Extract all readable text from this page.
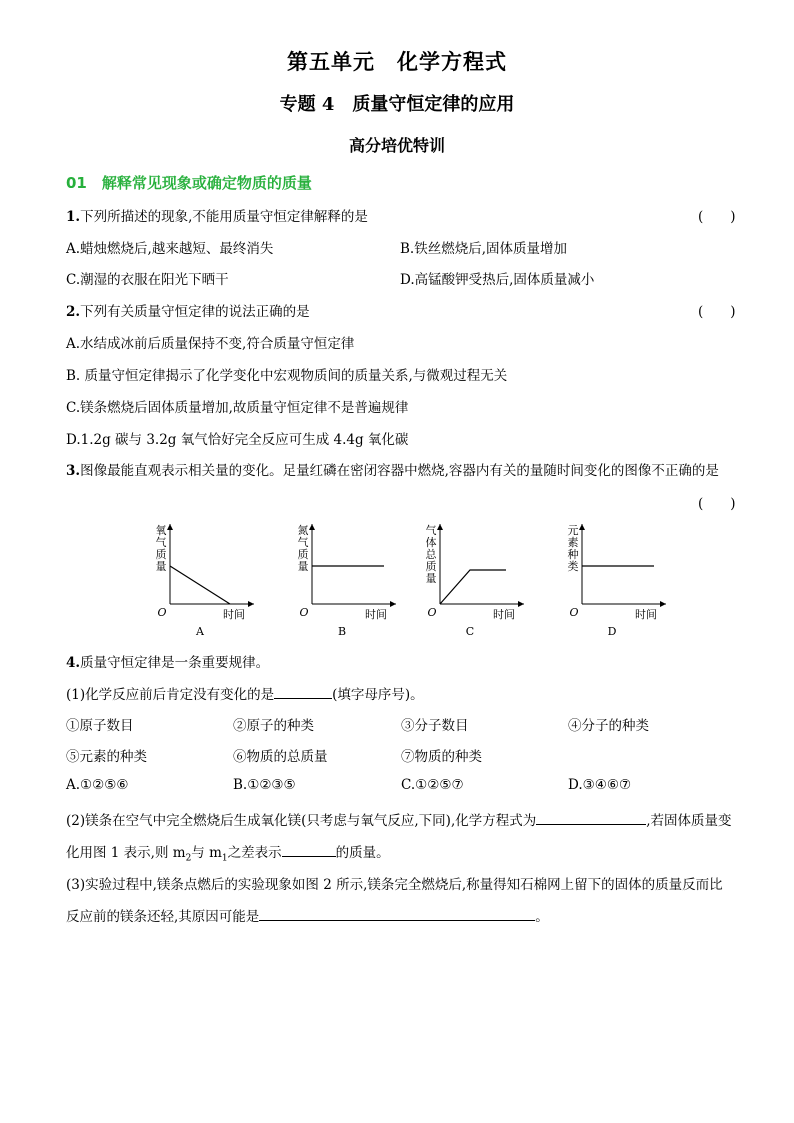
第五单元　化学方程式
专题 4　质量守恒定律的应用
高分培优特训
01　解释常见现象或确定物质的质量
1.下列所描述的现象,不能用质量守恒定律解释的是	(　　)
A.蜡烛燃烧后,越来越短、最终消失	B.铁丝燃烧后,固体质量增加
C.潮湿的衣服在阳光下晒干	D.高锰酸钾受热后,固体质量减小
2.下列有关质量守恒定律的说法正确的是	(　　)
A.水结成冰前后质量保持不变,符合质量守恒定律
B. 质量守恒定律揭示了化学变化中宏观物质间的质量关系,与微观过程无关
C.镁条燃烧后固体质量增加,故质量守恒定律不是普遍规律
D.1.2g 碳与 3.2g 氧气恰好完全反应可生成 4.4g 氧化碳
3.图像最能直观表示相关量的变化。足量红磷在密闭容器中燃烧,容器内有关的量随时间变化的图像不正确的是
(　　)
氧
气
质
量
O	时间
A
氮
气
质
量
O	时间
B
气
体
总
质
量
O	时间
C
元
素
种
类
O	时间
D
4.质量守恒定律是一条重要规律。
(1)化学反应前后肯定没有变化的是	(填字母序号)。
①原子数目	②原子的种类	③分子数目	④分子的种类
⑤元素的种类	⑥物质的总质量	⑦物质的种类
A.①②⑤⑥	B.①②③⑤	C.①②⑤⑦	D.③④⑥⑦
(2)镁条在空气中完全燃烧后生成氧化镁(只考虑与氧气反应,下同),化学方程式为	,若固体质量变
化用图 1 表示,则 $m_2$与 $m_1$之差表示	的质量。
(3)实验过程中,镁条点燃后的实验现象如图 2 所示,镁条完全燃烧后,称量得知石棉网上留下的固体的质量反而比
反应前的镁条还轻,其原因可能是	。
